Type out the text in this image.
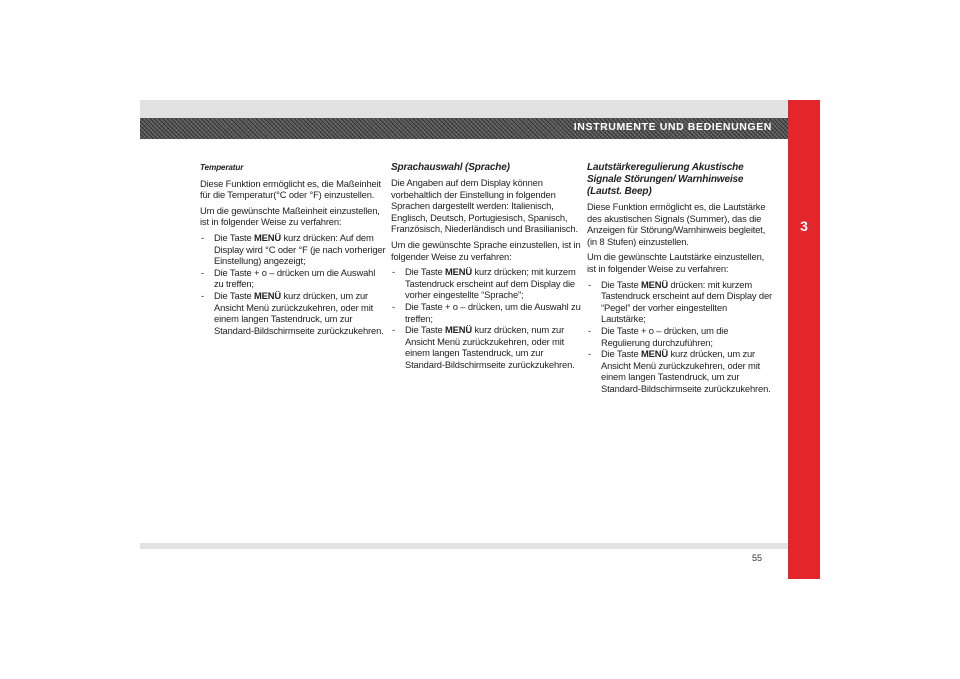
INSTRUMENTE UND BEDIENUNGEN
3
Temperatur

Diese Funktion ermöglicht es, die Maßeinheit für die Temperatur(°C oder °F) einzustellen.

Um die gewünschte Maßeinheit einzustellen, ist in folgender Weise zu verfahren:

- Die Taste MENÜ kurz drücken: Auf dem Display wird °C oder °F (je nach vorheriger Einstellung) angezeigt;
- Die Taste + o – drücken um die Auswahl zu treffen;
- Die Taste MENÜ kurz drücken, um zur Ansicht Menü zurückzukehren, oder mit einem langen Tastendruck, um zur Standard-Bildschirmseite zurückzukehren.
Sprachauswahl (Sprache)

Die Angaben auf dem Display können vorbehaltlich der Einstellung in folgenden Sprachen dargestellt werden: Italienisch, Englisch, Deutsch, Portugiesisch, Spanisch, Französisch, Niederländisch und Brasilianisch.

Um die gewünschte Sprache einzustellen, ist in folgender Weise zu verfahren:

- Die Taste MENÜ kurz drücken; mit kurzem Tastendruck erscheint auf dem Display die vorher eingestellte “Sprache”;
- Die Taste + o – drücken, um die Auswahl zu treffen;
- Die Taste MENÜ kurz drücken, num zur Ansicht Menü zurückzukehren, oder mit einem langen Tastendruck, um zur Standard-Bildschirmseite zurückzukehren.
Lautstärkeregulierung Akustische Signale Störungen/ Warnhinweise (Lautst. Beep)

Diese Funktion ermöglicht es, die Lautstärke des akustischen Signals (Summer), das die Anzeigen für Störung/Warnhinweis begleitet, (in 8 Stufen) einzustellen.

Um die gewünschte Lautstärke einzustellen, ist in folgender Weise zu verfahren:

- Die Taste MENÜ drücken: mit kurzem Tastendruck erscheint auf dem Display der “Pegel” der vorher eingestellten Lautstärke;
- Die Taste + o – drücken, um die Regulierung durchzuführen;
- Die Taste MENÜ kurz drücken, um zur Ansicht Menü zurückzukehren, oder mit einem langen Tastendruck, um zur Standard-Bildschirmseite zurückzukehren.
55
